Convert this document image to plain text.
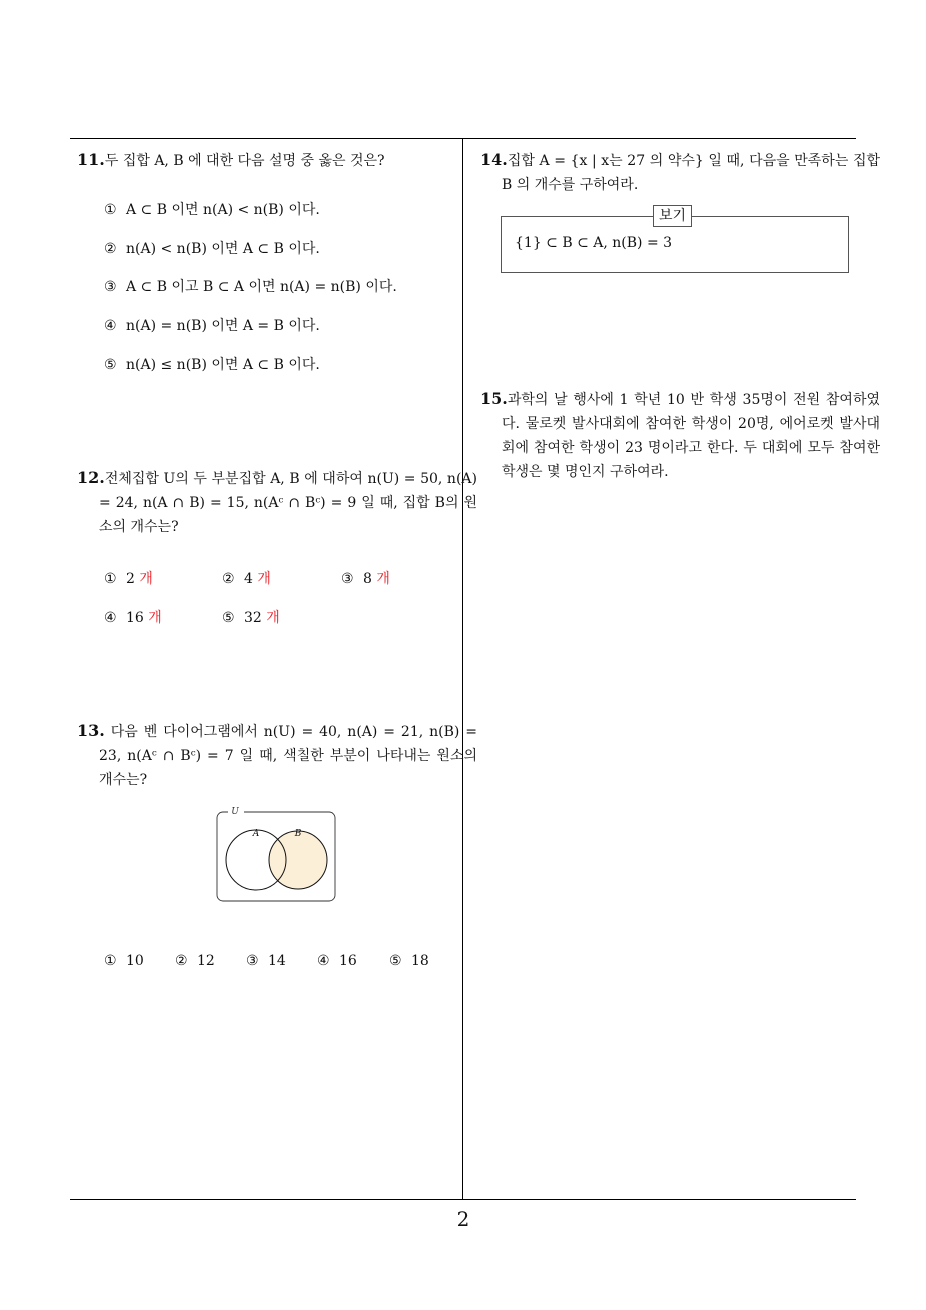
11.두 집합 A, B 에 대한 다음 설명 중 옳은 것은?
① A ⊂ B 이면 n(A) < n(B) 이다.
② n(A) < n(B) 이면 A ⊂ B 이다.
③ A ⊂ B 이고 B ⊂ A 이면 n(A) = n(B) 이다.
④ n(A) = n(B) 이면 A = B 이다.
⑤ n(A) ≤ n(B) 이면 A ⊂ B 이다.
12.전체집합 U의 두 부분집합 A, B 에 대하여 n(U) = 50, n(A) = 24, n(A ∩ B) = 15, n(Aᶜ ∩ Bᶜ) = 9 일 때, 집합 B의 원소의 개수는?
① 2 개	② 4 개	③ 8 개
④ 16 개	⑤ 32 개
13. 다음 벤 다이어그램에서 n(U) = 40, n(A) = 21, n(B) = 23, n(Aᶜ ∩ Bᶜ) = 7 일 때, 색칠한 부분이 나타내는 원소의 개수는?
U
A	B
① 10 ② 12 ③ 14 ④ 16 ⑤ 18
14.집합 A = {x | x는 27 의 약수} 일 때, 다음을 만족하는 집합 B 의 개수를 구하여라.
{1} ⊂ B ⊂ A, n(B) = 3
보기
15.과학의 날 행사에 1 학년 10 반 학생 35명이 전원 참여하였다. 물로켓 발사대회에 참여한 학생이 20명, 에어로켓 발사대회에 참여한 학생이 23 명이라고 한다. 두 대회에 모두 참여한 학생은 몇 명인지 구하여라.
2
